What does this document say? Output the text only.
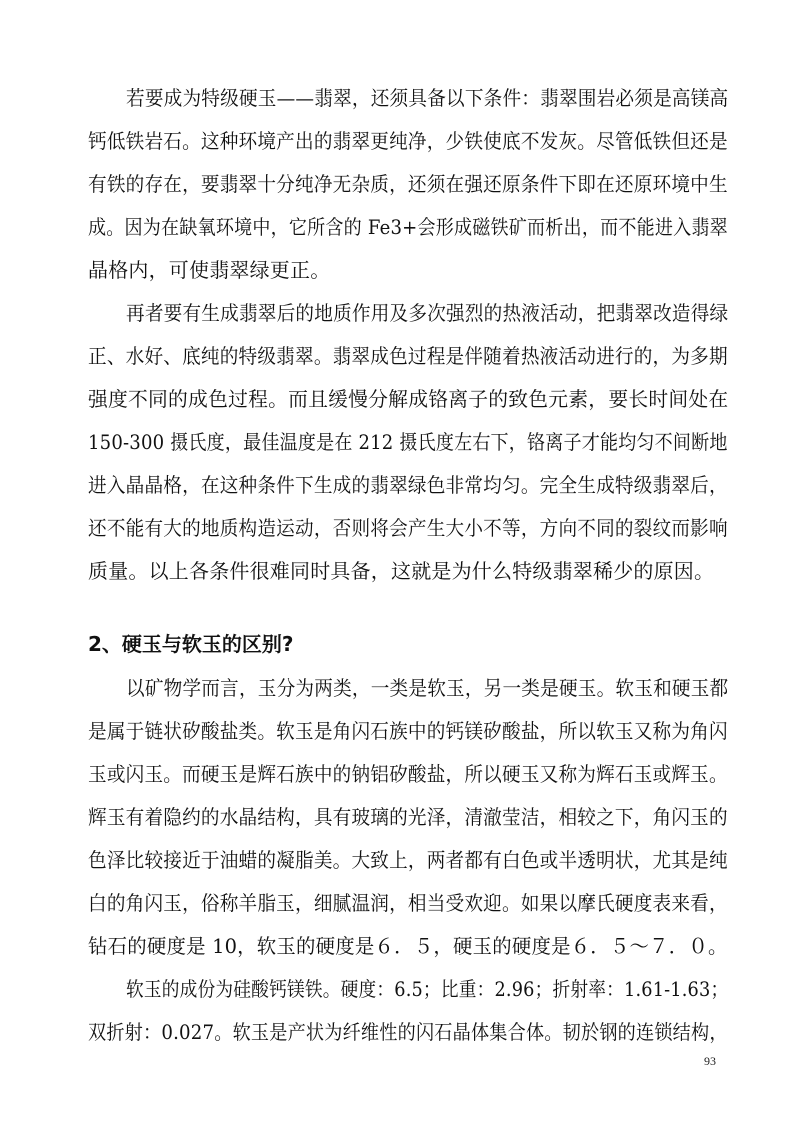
若要成为特级硬玉——翡翠，还须具备以下条件：翡翠围岩必须是高镁高
钙低铁岩石。这种环境产出的翡翠更纯净，少铁使底不发灰。尽管低铁但还是
有铁的存在，要翡翠十分纯净无杂质，还须在强还原条件下即在还原环境中生
成。因为在缺氧环境中，它所含的 Fe3+会形成磁铁矿而析出，而不能进入翡翠
晶格内，可使翡翠绿更正。
再者要有生成翡翠后的地质作用及多次强烈的热液活动，把翡翠改造得绿
正、水好、底纯的特级翡翠。翡翠成色过程是伴随着热液活动进行的，为多期
强度不同的成色过程。而且缓慢分解成铬离子的致色元素，要长时间处在
150-300 摄氏度，最佳温度是在 212 摄氏度左右下，铬离子才能均匀不间断地
进入晶晶格，在这种条件下生成的翡翠绿色非常均匀。完全生成特级翡翠后，
还不能有大的地质构造运动，否则将会产生大小不等，方向不同的裂纹而影响
质量。以上各条件很难同时具备，这就是为什么特级翡翠稀少的原因。
2、硬玉与软玉的区别?
以矿物学而言，玉分为两类，一类是软玉，另一类是硬玉。软玉和硬玉都
是属于链状矽酸盐类。软玉是角闪石族中的钙镁矽酸盐，所以软玉又称为角闪
玉或闪玉。而硬玉是辉石族中的钠铝矽酸盐，所以硬玉又称为辉石玉或辉玉。
辉玉有着隐约的水晶结构，具有玻璃的光泽，清澈莹洁，相较之下，角闪玉的
色泽比较接近于油蜡的凝脂美。大致上，两者都有白色或半透明状，尤其是纯
白的角闪玉，俗称羊脂玉，细腻温润，相当受欢迎。如果以摩氏硬度表来看，
钻石的硬度是 10，软玉的硬度是６．５，硬玉的硬度是６．５～７．０。
软玉的成份为硅酸钙镁铁。硬度：6.5；比重：2.96；折射率：1.61-1.63；
双折射：0.027。软玉是产状为纤维性的闪石晶体集合体。韧於钢的连锁结构，
93
